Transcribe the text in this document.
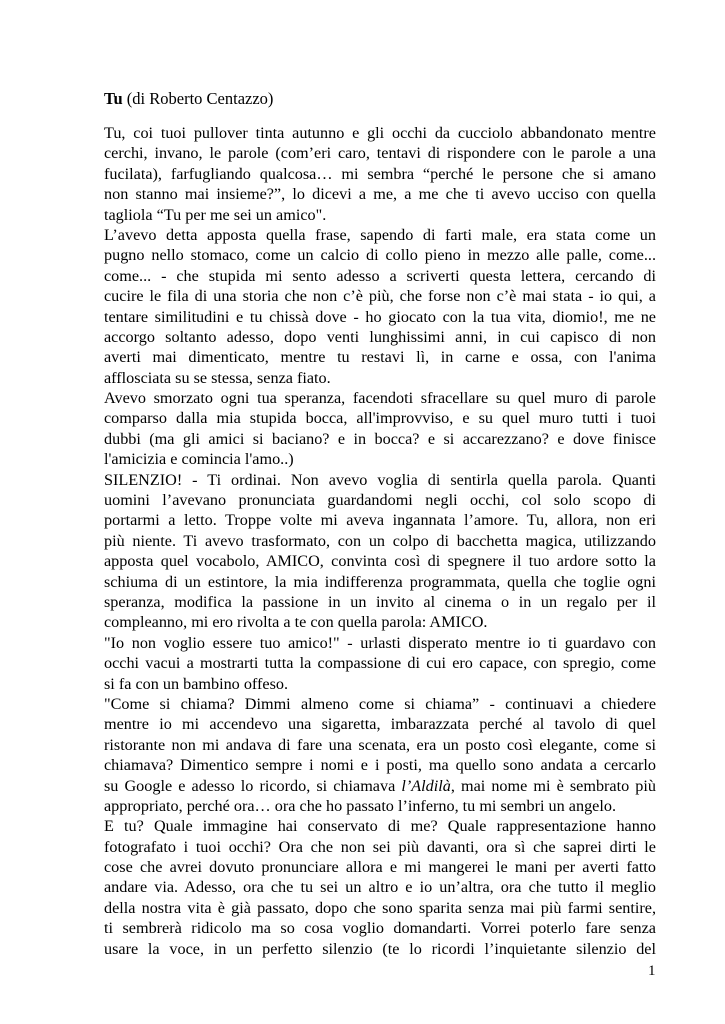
Tu (di Roberto Centazzo)
Tu, coi tuoi pullover tinta autunno e gli occhi da cucciolo abbandonato mentre
cerchi, invano, le parole (com’eri caro, tentavi di rispondere con le parole a una
fucilata), farfugliando qualcosa… mi sembra “perché le persone che si amano
non stanno mai insieme?”, lo dicevi a me, a me che ti avevo ucciso con quella
tagliola “Tu per me sei un amico".
L’avevo detta apposta quella frase, sapendo di farti male, era stata come un
pugno nello stomaco, come un calcio di collo pieno in mezzo alle palle, come...
come... - che stupida mi sento adesso a scriverti questa lettera, cercando di
cucire le fila di una storia che non c’è più, che forse non c’è mai stata - io qui, a
tentare similitudini e tu chissà dove - ho giocato con la tua vita, diomio!, me ne
accorgo soltanto adesso, dopo venti lunghissimi anni, in cui capisco di non
averti mai dimenticato, mentre tu restavi lì, in carne e ossa, con l'anima
afflosciata su se stessa, senza fiato.
Avevo smorzato ogni tua speranza, facendoti sfracellare su quel muro di parole
comparso dalla mia stupida bocca, all'improvviso, e su quel muro tutti i tuoi
dubbi (ma gli amici si baciano? e in bocca? e si accarezzano? e dove finisce
l'amicizia e comincia l'amo..)
SILENZIO! - Ti ordinai. Non avevo voglia di sentirla quella parola. Quanti
uomini l’avevano pronunciata guardandomi negli occhi, col solo scopo di
portarmi a letto. Troppe volte mi aveva ingannata l’amore. Tu, allora, non eri
più niente. Ti avevo trasformato, con un colpo di bacchetta magica, utilizzando
apposta quel vocabolo, AMICO, convinta così di spegnere il tuo ardore sotto la
schiuma di un estintore, la mia indifferenza programmata, quella che toglie ogni
speranza, modifica la passione in un invito al cinema o in un regalo per il
compleanno, mi ero rivolta a te con quella parola: AMICO.
"Io non voglio essere tuo amico!" - urlasti disperato mentre io ti guardavo con
occhi vacui a mostrarti tutta la compassione di cui ero capace, con spregio, come
si fa con un bambino offeso.
"Come si chiama? Dimmi almeno come si chiama” - continuavi a chiedere
mentre io mi accendevo una sigaretta, imbarazzata perché al tavolo di quel
ristorante non mi andava di fare una scenata, era un posto così elegante, come si
chiamava? Dimentico sempre i nomi e i posti, ma quello sono andata a cercarlo
su Google e adesso lo ricordo, si chiamava l’Aldilà, mai nome mi è sembrato più
appropriato, perché ora… ora che ho passato l’inferno, tu mi sembri un angelo.
E tu? Quale immagine hai conservato di me? Quale rappresentazione hanno
fotografato i tuoi occhi? Ora che non sei più davanti, ora sì che saprei dirti le
cose che avrei dovuto pronunciare allora e mi mangerei le mani per averti fatto
andare via. Adesso, ora che tu sei un altro e io un’altra, ora che tutto il meglio
della nostra vita è già passato, dopo che sono sparita senza mai più farmi sentire,
ti sembrerà ridicolo ma so cosa voglio domandarti. Vorrei poterlo fare senza
usare la voce, in un perfetto silenzio (te lo ricordi l’inquietante silenzio del
1
